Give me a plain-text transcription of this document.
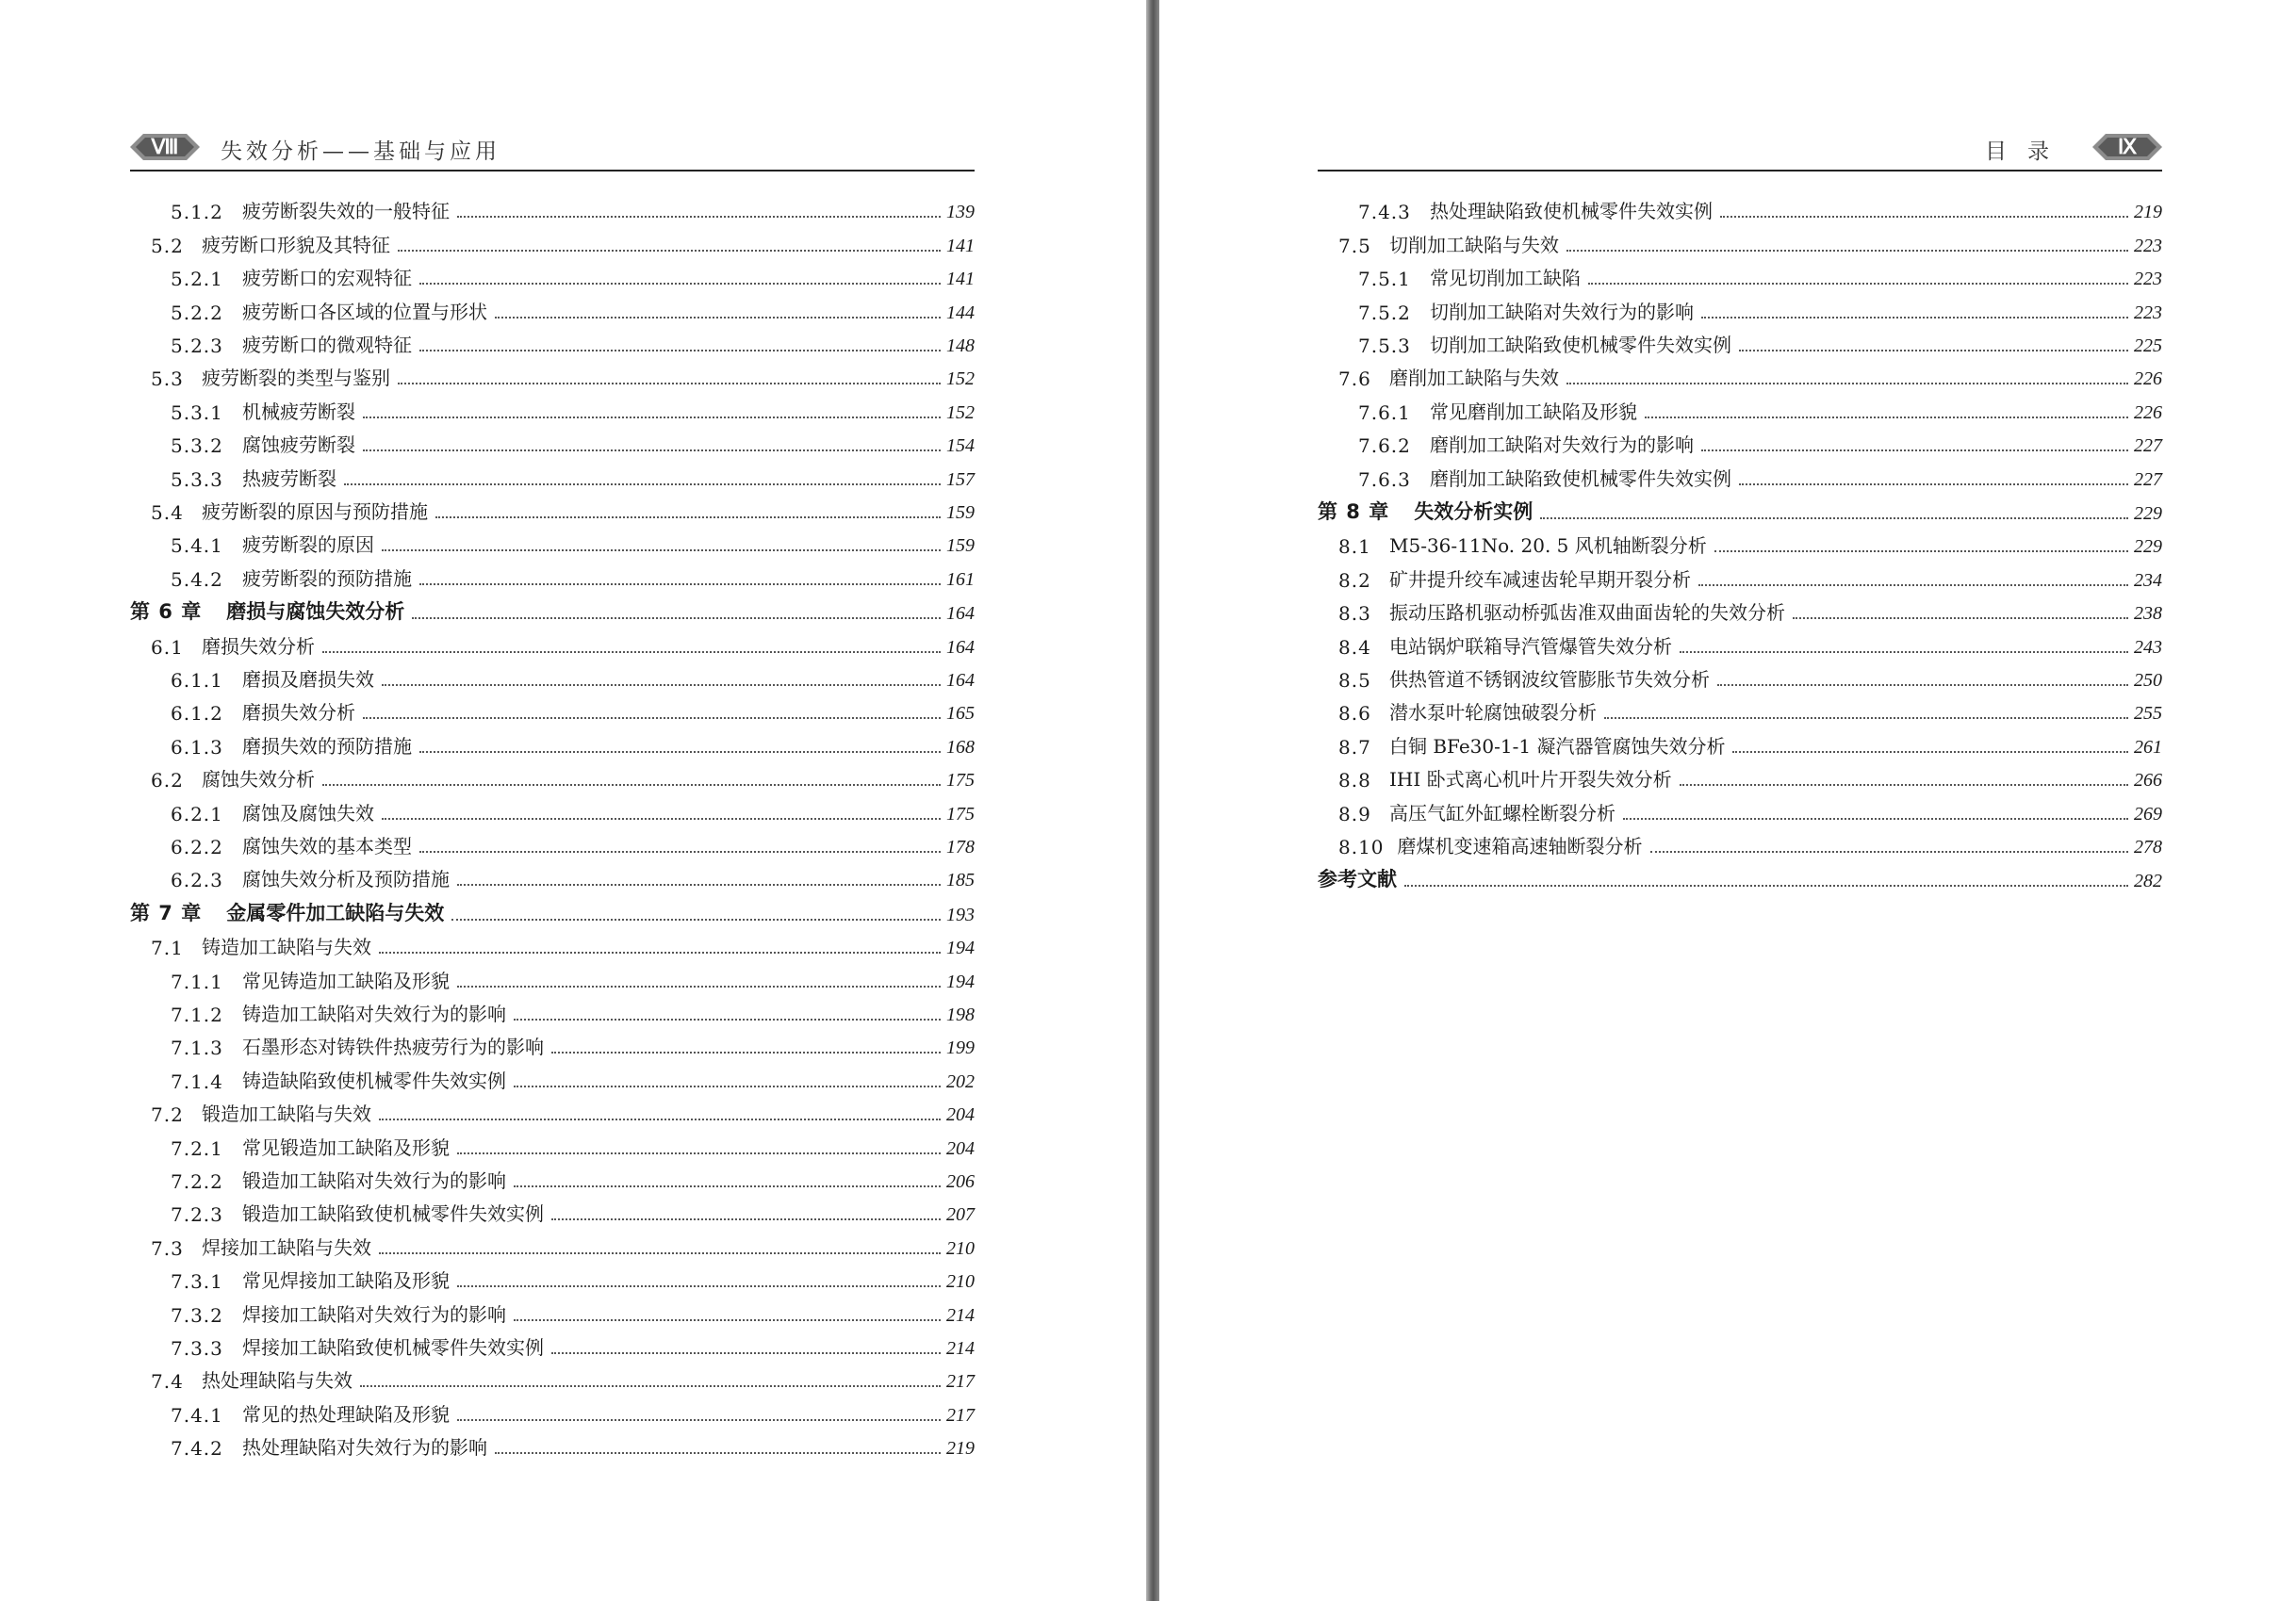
Ⅷ	失效分析——基础与应用
5.1.2	疲劳断裂失效的一般特征	139
5.2 疲劳断口形貌及其特征	141
5.2.1	疲劳断口的宏观特征	141
5.2.2	疲劳断口各区域的位置与形状	144
5.2.3	疲劳断口的微观特征	148
5.3 疲劳断裂的类型与鉴别	152
5.3.1	机械疲劳断裂	152
5.3.2	腐蚀疲劳断裂	154
5.3.3	热疲劳断裂	157
5.4 疲劳断裂的原因与预防措施	159
5.4.1	疲劳断裂的原因	159
5.4.2	疲劳断裂的预防措施	161
第 6 章 磨损与腐蚀失效分析	164
6.1 磨损失效分析	164
6.1.1	磨损及磨损失效	164
6.1.2	磨损失效分析	165
6.1.3	磨损失效的预防措施	168
6.2 腐蚀失效分析	175
6.2.1	腐蚀及腐蚀失效	175
6.2.2	腐蚀失效的基本类型	178
6.2.3	腐蚀失效分析及预防措施	185
第 7 章 金属零件加工缺陷与失效	193
7.1 铸造加工缺陷与失效	194
7.1.1	常见铸造加工缺陷及形貌	194
7.1.2	铸造加工缺陷对失效行为的影响	198
7.1.3	石墨形态对铸铁件热疲劳行为的影响	199
7.1.4	铸造缺陷致使机械零件失效实例	202
7.2 锻造加工缺陷与失效	204
7.2.1	常见锻造加工缺陷及形貌	204
7.2.2	锻造加工缺陷对失效行为的影响	206
7.2.3	锻造加工缺陷致使机械零件失效实例	207
7.3 焊接加工缺陷与失效	210
7.3.1	常见焊接加工缺陷及形貌	210
7.3.2	焊接加工缺陷对失效行为的影响	214
7.3.3	焊接加工缺陷致使机械零件失效实例	214
7.4 热处理缺陷与失效	217
7.4.1	常见的热处理缺陷及形貌	217
7.4.2	热处理缺陷对失效行为的影响	219
目录	Ⅸ
7.4.3	热处理缺陷致使机械零件失效实例	219
7.5 切削加工缺陷与失效	223
7.5.1	常见切削加工缺陷	223
7.5.2	切削加工缺陷对失效行为的影响	223
7.5.3	切削加工缺陷致使机械零件失效实例	225
7.6 磨削加工缺陷与失效	226
7.6.1	常见磨削加工缺陷及形貌	226
7.6.2	磨削加工缺陷对失效行为的影响	227
7.6.3	磨削加工缺陷致使机械零件失效实例	227
第 8 章 失效分析实例	229
8.1 M5-36-11No. 20. 5 风机轴断裂分析	229
8.2 矿井提升绞车减速齿轮早期开裂分析	234
8.3 振动压路机驱动桥弧齿准双曲面齿轮的失效分析	238
8.4 电站锅炉联箱导汽管爆管失效分析	243
8.5 供热管道不锈钢波纹管膨胀节失效分析	250
8.6 潜水泵叶轮腐蚀破裂分析	255
8.7 白铜 BFe30-1-1 凝汽器管腐蚀失效分析	261
8.8 IHI 卧式离心机叶片开裂失效分析	266
8.9 高压气缸外缸螺栓断裂分析	269
8.10 磨煤机变速箱高速轴断裂分析	278
参考文献	282
